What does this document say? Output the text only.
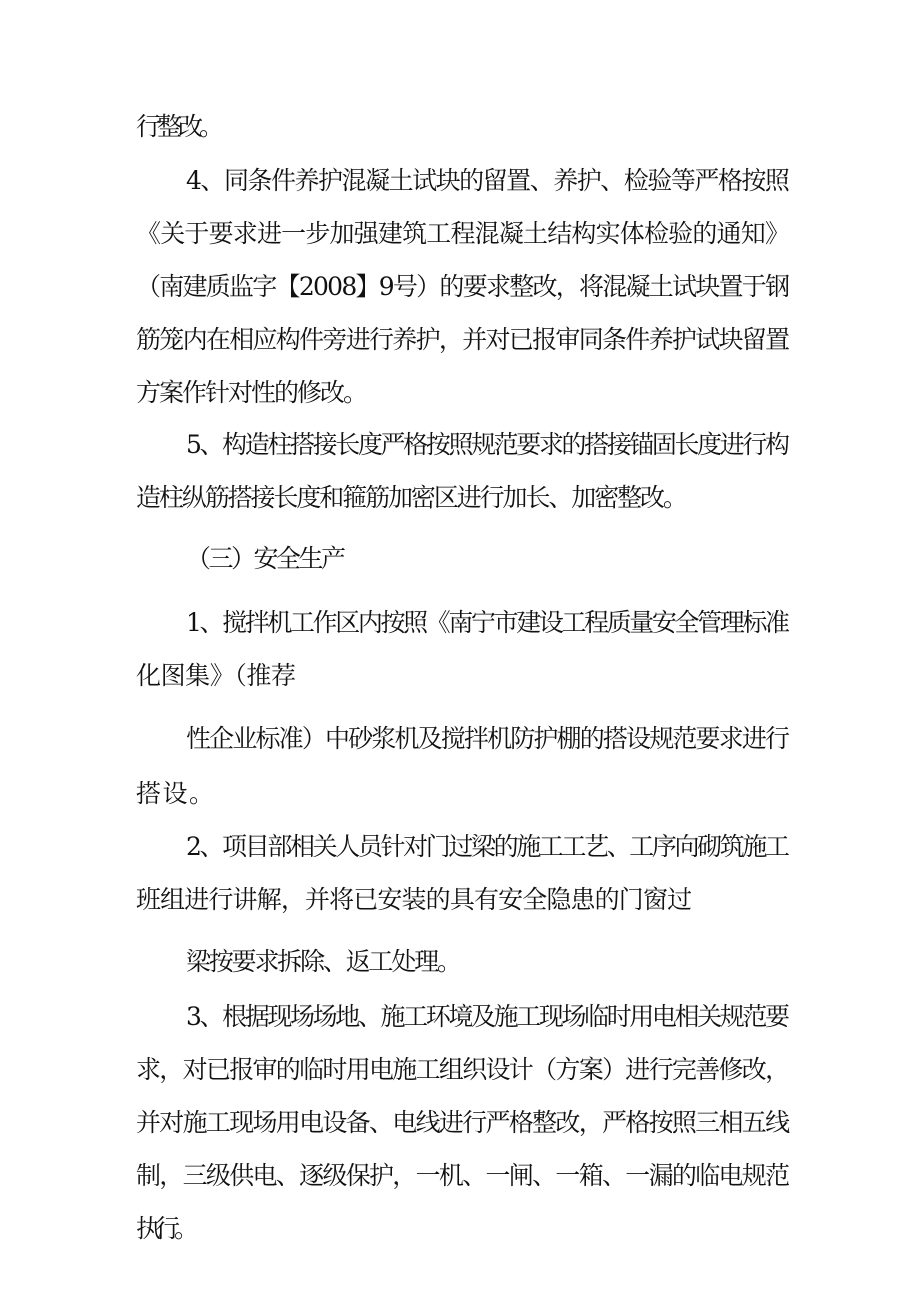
行整改。
4、同条件养护混凝土试块的留置、养护、检验等严格按照
《关于要求进一步加强建筑工程混凝土结构实体检验的通知》
（南建质监字【2008】9号）的要求整改，将混凝土试块置于钢
筋笼内在相应构件旁进行养护，并对已报审同条件养护试块留置
方案作针对性的修改。
5、构造柱搭接长度严格按照规范要求的搭接锚固长度进行构
造柱纵筋搭接长度和箍筋加密区进行加长、加密整改。
（三）安全生产
1、搅拌机工作区内按照《南宁市建设工程质量安全管理标准
化图集》（推荐
性企业标准）中砂浆机及搅拌机防护棚的搭设规范要求进行
搭设。
2、项目部相关人员针对门过梁的施工工艺、工序向砌筑施工
班组进行讲解，并将已安装的具有安全隐患的门窗过
梁按要求拆除、返工处理。
3、根据现场场地、施工环境及施工现场临时用电相关规范要
求，对已报审的临时用电施工组织设计（方案）进行完善修改，
并对施工现场用电设备、电线进行严格整改，严格按照三相五线
制，三级供电、逐级保护，一机、一闸、一箱、一漏的临电规范
执行。
